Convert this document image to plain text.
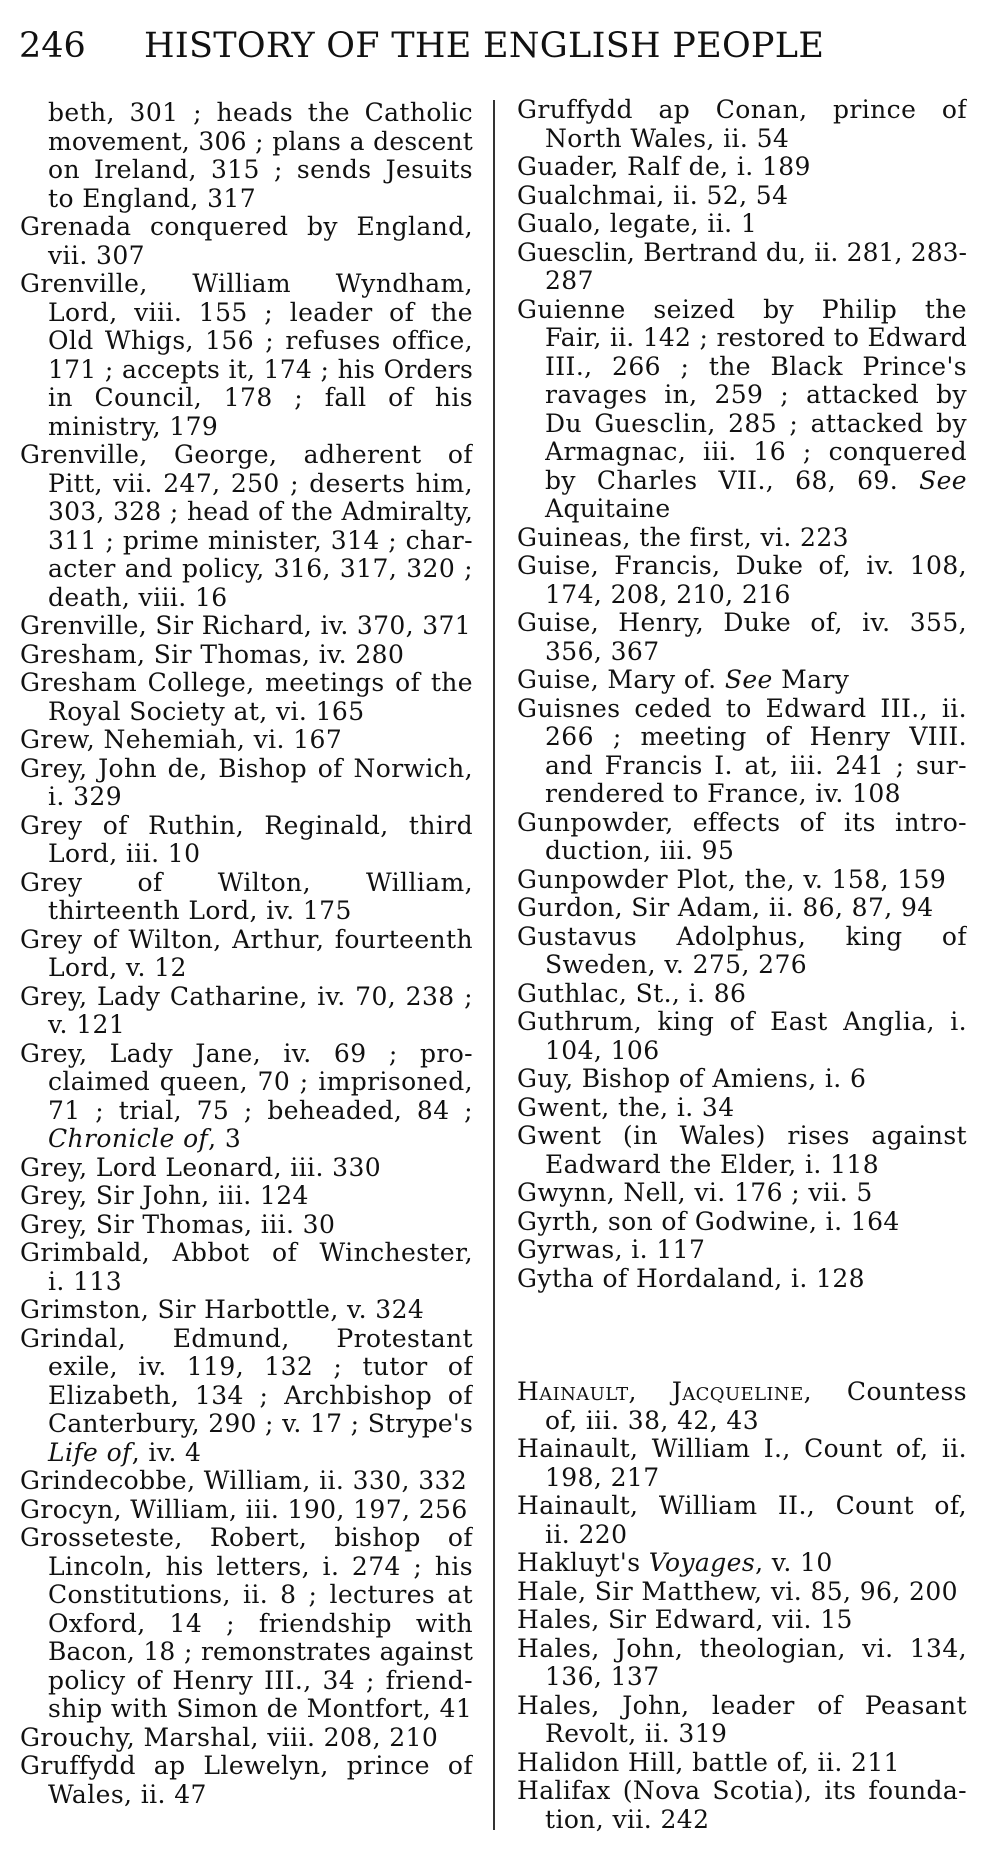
246 HISTORY OF THE ENGLISH PEOPLE
beth, 301 ; heads the Catholic
movement, 306 ; plans a descent
on Ireland, 315 ; sends Jesuits
to England, 317
Grenada conquered by England,
vii. 307
Grenville, William Wyndham,
Lord, viii. 155 ; leader of the
Old Whigs, 156 ; refuses office,
171 ; accepts it, 174 ; his Orders
in Council, 178 ; fall of his
ministry, 179
Grenville, George, adherent of
Pitt, vii. 247, 250 ; deserts him,
303, 328 ; head of the Admiralty,
311 ; prime minister, 314 ; char-
acter and policy, 316, 317, 320 ;
death, viii. 16
Grenville, Sir Richard, iv. 370, 371
Gresham, Sir Thomas, iv. 280
Gresham College, meetings of the
Royal Society at, vi. 165
Grew, Nehemiah, vi. 167
Grey, John de, Bishop of Norwich,
i. 329
Grey of Ruthin, Reginald, third
Lord, iii. 10
Grey of Wilton, William,
thirteenth Lord, iv. 175
Grey of Wilton, Arthur, fourteenth
Lord, v. 12
Grey, Lady Catharine, iv. 70, 238 ;
v. 121
Grey, Lady Jane, iv. 69 ; pro-
claimed queen, 70 ; imprisoned,
71 ; trial, 75 ; beheaded, 84 ;
Chronicle of, 3
Grey, Lord Leonard, iii. 330
Grey, Sir John, iii. 124
Grey, Sir Thomas, iii. 30
Grimbald, Abbot of Winchester,
i. 113
Grimston, Sir Harbottle, v. 324
Grindal, Edmund, Protestant
exile, iv. 119, 132 ; tutor of
Elizabeth, 134 ; Archbishop of
Canterbury, 290 ; v. 17 ; Strype's
Life of, iv. 4
Grindecobbe, William, ii. 330, 332
Grocyn, William, iii. 190, 197, 256
Grosseteste, Robert, bishop of
Lincoln, his letters, i. 274 ; his
Constitutions, ii. 8 ; lectures at
Oxford, 14 ; friendship with
Bacon, 18 ; remonstrates against
policy of Henry III., 34 ; friend-
ship with Simon de Montfort, 41
Grouchy, Marshal, viii. 208, 210
Gruffydd ap Llewelyn, prince of
Wales, ii. 47
Gruffydd ap Conan, prince of
North Wales, ii. 54
Guader, Ralf de, i. 189
Gualchmai, ii. 52, 54
Gualo, legate, ii. 1
Guesclin, Bertrand du, ii. 281, 283-
287
Guienne seized by Philip the
Fair, ii. 142 ; restored to Edward
III., 266 ; the Black Prince's
ravages in, 259 ; attacked by
Du Guesclin, 285 ; attacked by
Armagnac, iii. 16 ; conquered
by Charles VII., 68, 69. See
Aquitaine
Guineas, the first, vi. 223
Guise, Francis, Duke of, iv. 108,
174, 208, 210, 216
Guise, Henry, Duke of, iv. 355,
356, 367
Guise, Mary of. See Mary
Guisnes ceded to Edward III., ii.
266 ; meeting of Henry VIII.
and Francis I. at, iii. 241 ; sur-
rendered to France, iv. 108
Gunpowder, effects of its intro-
duction, iii. 95
Gunpowder Plot, the, v. 158, 159
Gurdon, Sir Adam, ii. 86, 87, 94
Gustavus Adolphus, king of
Sweden, v. 275, 276
Guthlac, St., i. 86
Guthrum, king of East Anglia, i.
104, 106
Guy, Bishop of Amiens, i. 6
Gwent, the, i. 34
Gwent (in Wales) rises against
Eadward the Elder, i. 118
Gwynn, Nell, vi. 176 ; vii. 5
Gyrth, son of Godwine, i. 164
Gyrwas, i. 117
Gytha of Hordaland, i. 128
Hainault, Jacqueline, Countess
of, iii. 38, 42, 43
Hainault, William I., Count of, ii.
198, 217
Hainault, William II., Count of,
ii. 220
Hakluyt's Voyages, v. 10
Hale, Sir Matthew, vi. 85, 96, 200
Hales, Sir Edward, vii. 15
Hales, John, theologian, vi. 134,
136, 137
Hales, John, leader of Peasant
Revolt, ii. 319
Halidon Hill, battle of, ii. 211
Halifax (Nova Scotia), its founda-
tion, vii. 242
